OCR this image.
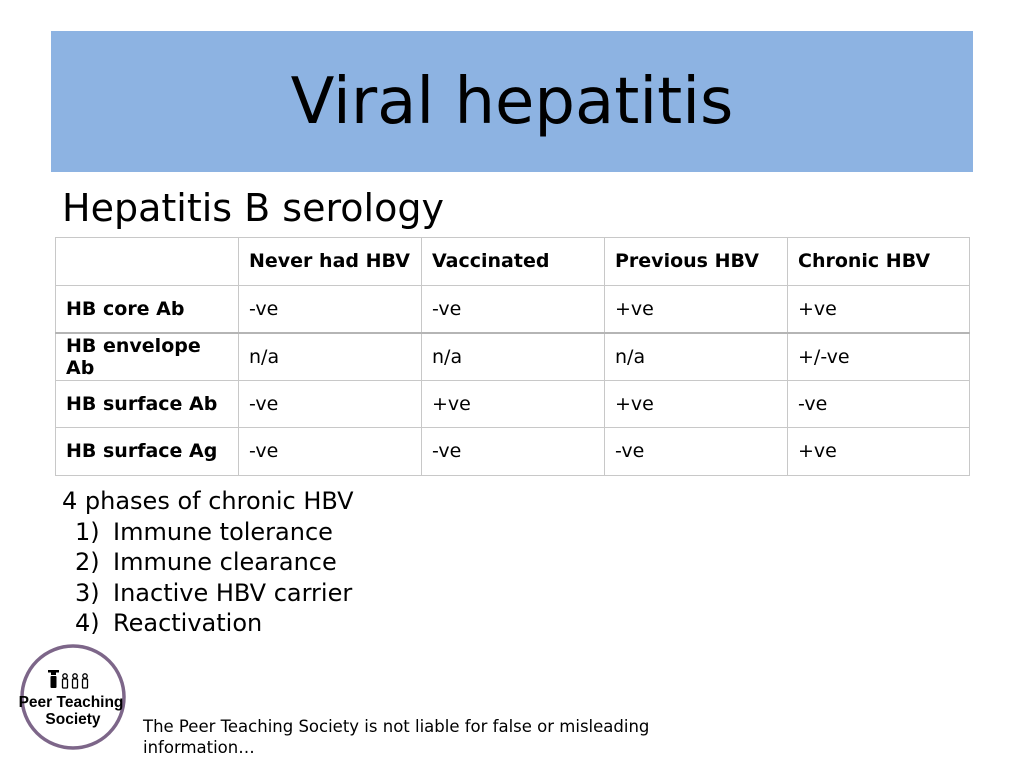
Viral hepatitis
Hepatitis B serology
	Never had HBV	Vaccinated	Previous HBV	Chronic HBV
HB core Ab	-ve	-ve	+ve	+ve
HB envelope Ab	n/a	n/a	n/a	+/-ve
HB surface Ab	-ve	+ve	+ve	-ve
HB surface Ag	-ve	-ve	-ve	+ve
4 phases of chronic HBV
1) Immune tolerance
2) Immune clearance
3) Inactive HBV carrier
4) Reactivation
Peer Teaching
Society	The Peer Teaching Society is not liable for false or misleading information…
